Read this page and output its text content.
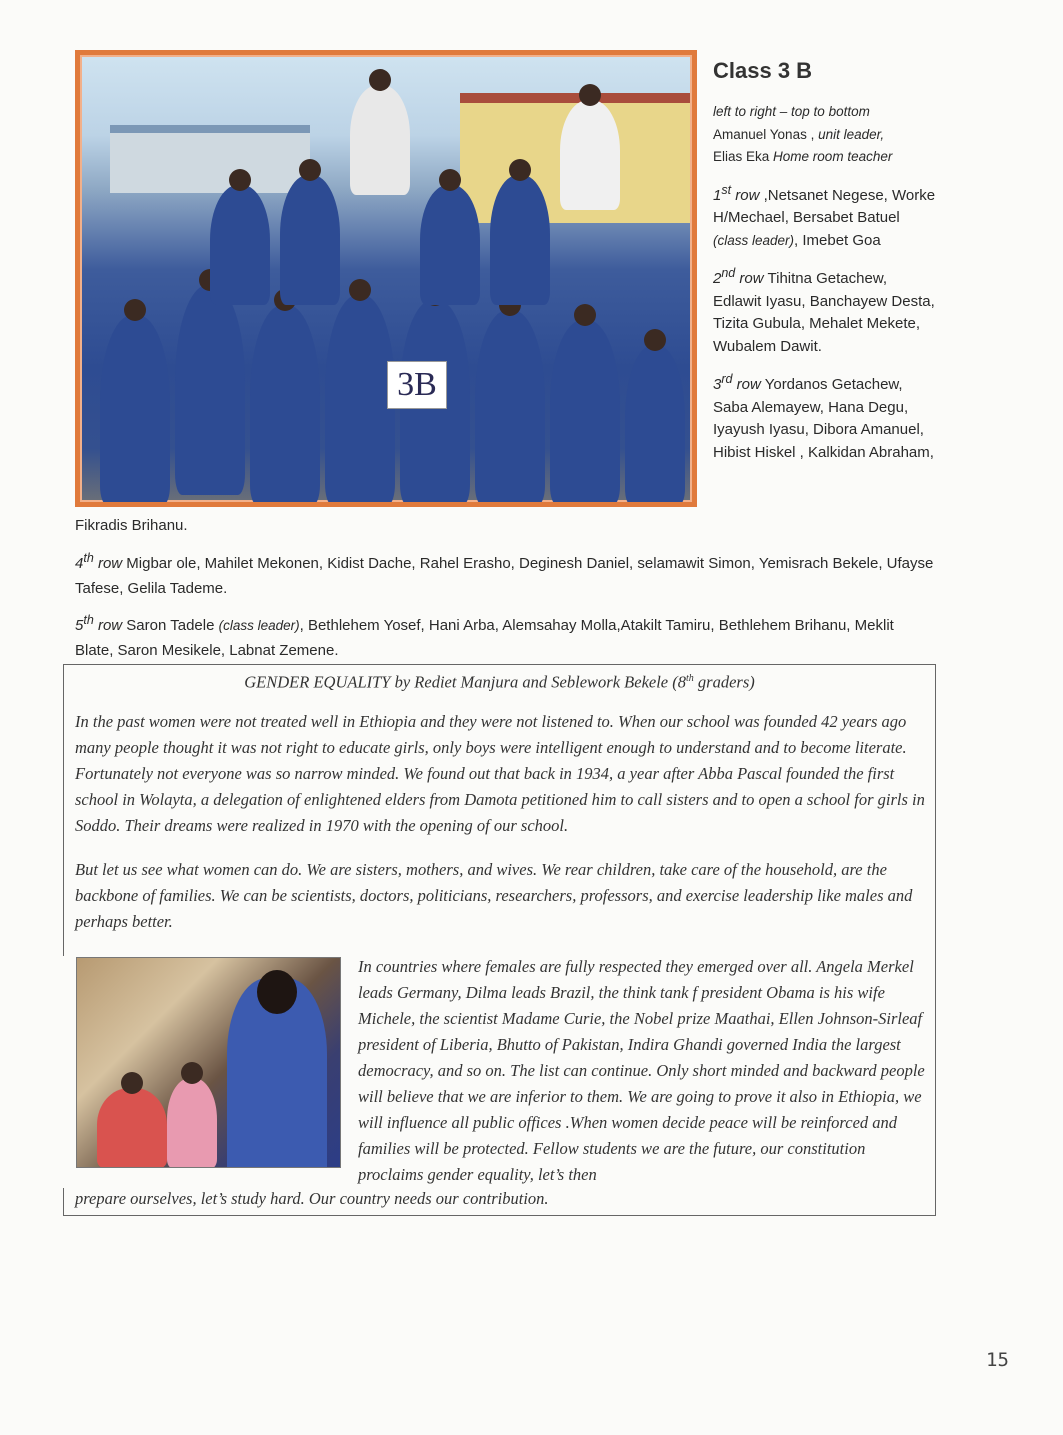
3B
Class 3 B

left to right – top to bottom

Amanuel Yonas , unit leader,

Elias Eka Home room teacher

1st row ,Netsanet Negese, Worke H/Mechael, Bersabet Batuel (class leader), Imebet Goa

2nd row Tihitna Getachew, Edlawit Iyasu, Banchayew Desta, Tizita Gubula, Mehalet Mekete, Wubalem Dawit.

3rd row Yordanos Getachew, Saba Alemayew, Hana Degu, Iyayush Iyasu, Dibora Amanuel, Hibist Hiskel , Kalkidan Abraham,

Fikradis Brihanu.
4th row Migbar ole, Mahilet Mekonen, Kidist Dache, Rahel Erasho, Deginesh Daniel, selamawit Simon, Yemisrach Bekele, Ufayse Tafese, Gelila Tademe.
5th row Saron Tadele (class leader), Bethlehem Yosef, Hani Arba, Alemsahay Molla,Atakilt Tamiru, Bethlehem Brihanu, Meklit Blate, Saron Mesikele, Labnat Zemene.
GENDER EQUALITY by Rediet Manjura and Seblework Bekele (8th graders)

In the past women were not treated well in Ethiopia and they were not listened to. When our school was founded 42 years ago many people thought it was not right to educate girls, only boys were intelligent enough to understand and to become literate. Fortunately not everyone was so narrow minded. We found out that back in 1934, a year after Abba Pascal founded the first school in Wolayta, a delegation of enlightened elders from Damota petitioned him to call sisters and to open a school for girls in Soddo. Their dreams were realized in 1970 with the opening of our school.

But let us see what women can do. We are sisters, mothers, and wives. We rear children, take care of the household, are the backbone of families. We can be scientists, doctors, politicians, researchers, professors, and exercise leadership like males and perhaps better.

In countries where females are fully respected they emerged over all. Angela Merkel leads Germany, Dilma leads Brazil, the think tank f president Obama is his wife Michele, the scientist Madame Curie, the Nobel prize Maathai, Ellen Johnson-Sirleaf president of Liberia, Bhutto of Pakistan, Indira Ghandi governed India the largest democracy, and so on. The list can continue. Only short minded and backward people will believe that we are inferior to them. We are going to prove it also in Ethiopia, we will influence all public offices .When women decide peace will be reinforced and families will be protected. Fellow students we are the future, our constitution proclaims gender equality, let’s then

prepare ourselves, let’s study hard. Our country needs our contribution.

15
